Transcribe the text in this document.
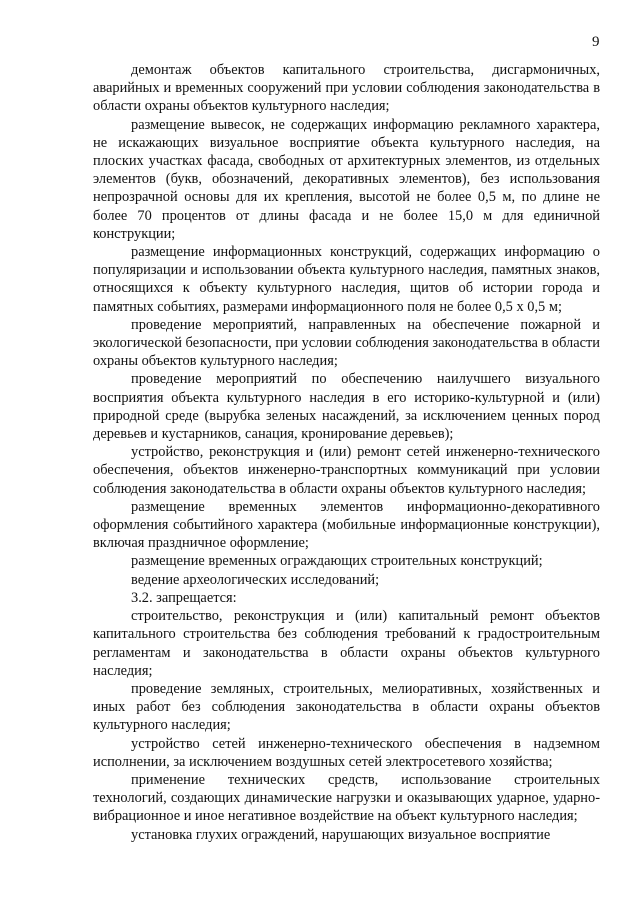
9

демонтаж объектов капитального строительства, дисгармоничных, аварийных и временных сооружений при условии соблюдения законодательства в области охраны объектов культурного наследия;

размещение вывесок, не содержащих информацию рекламного характера, не искажающих визуальное восприятие объекта культурного наследия, на плоских участках фасада, свободных от архитектурных элементов, из отдельных элементов (букв, обозначений, декоративных элементов), без использования непрозрачной основы для их крепления, высотой не более 0,5 м, по длине не более 70 процентов от длины фасада и не более 15,0 м для единичной конструкции;

размещение информационных конструкций, содержащих информацию о популяризации и использовании объекта культурного наследия, памятных знаков, относящихся к объекту культурного наследия, щитов об истории города и памятных событиях, размерами информационного поля не более 0,5 х 0,5 м;

проведение мероприятий, направленных на обеспечение пожарной и экологической безопасности, при условии соблюдения законодательства в области охраны объектов культурного наследия;

проведение мероприятий по обеспечению наилучшего визуального восприятия объекта культурного наследия в его историко-культурной и (или) природной среде (вырубка зеленых насаждений, за исключением ценных пород деревьев и кустарников, санация, кронирование деревьев);

устройство, реконструкция и (или) ремонт сетей инженерно-технического обеспечения, объектов инженерно-транспортных коммуникаций при условии соблюдения законодательства в области охраны объектов культурного наследия;

размещение временных элементов информационно-декоративного оформления событийного характера (мобильные информационные конструкции), включая праздничное оформление;

размещение временных ограждающих строительных конструкций;

ведение археологических исследований;

3.2. запрещается:

строительство, реконструкция и (или) капитальный ремонт объектов капитального строительства без соблюдения требований к градостроительным регламентам и законодательства в области охраны объектов культурного наследия;

проведение земляных, строительных, мелиоративных, хозяйственных и иных работ без соблюдения законодательства в области охраны объектов культурного наследия;

устройство сетей инженерно-технического обеспечения в надземном исполнении, за исключением воздушных сетей электросетевого хозяйства;

применение технических средств, использование строительных технологий, создающих динамические нагрузки и оказывающих ударное, ударно-вибрационное и иное негативное воздействие на объект культурного наследия;

установка глухих ограждений, нарушающих визуальное восприятие
